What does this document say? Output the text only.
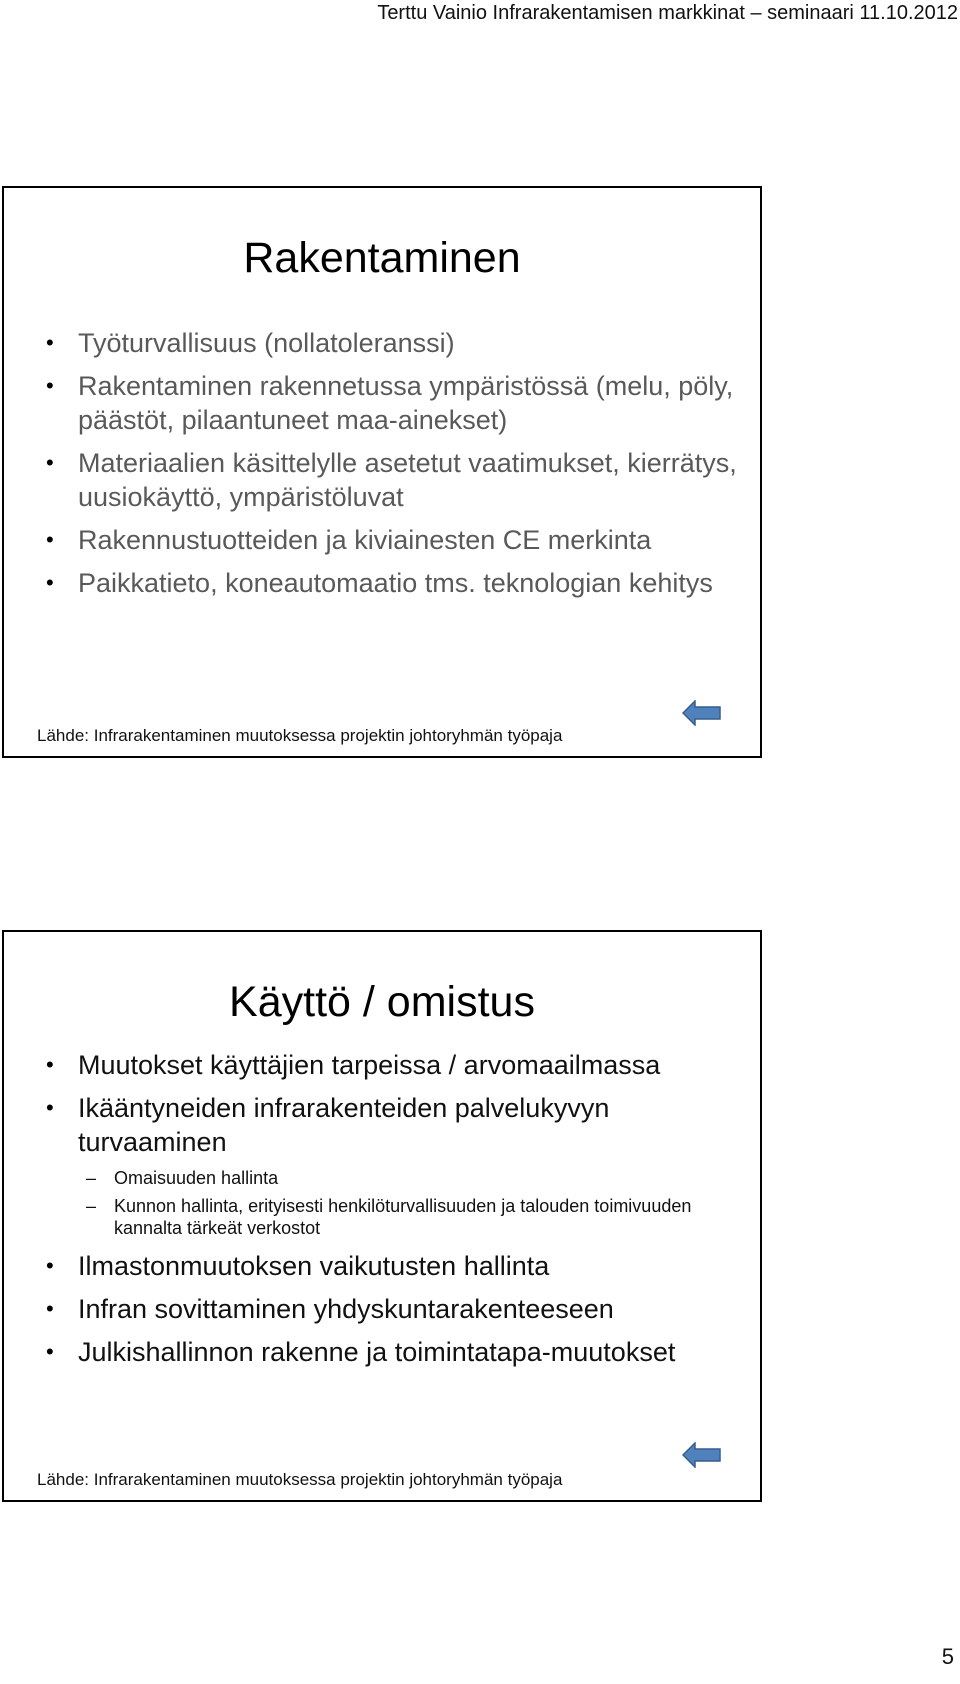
Terttu Vainio Infrarakentamisen markkinat – seminaari 11.10.2012
Rakentaminen
• Työturvallisuus (nollatoleranssi)
• Rakentaminen rakennetussa ympäristössä (melu, pöly, päästöt, pilaantuneet maa-ainekset)
• Materiaalien käsittelylle asetetut vaatimukset, kierrätys, uusiokäyttö, ympäristöluvat
• Rakennustuotteiden ja kiviainesten CE merkinta
• Paikkatieto, koneautomaatio tms. teknologian kehitys
Lähde: Infrarakentaminen muutoksessa projektin johtoryhmän työpaja
Käyttö / omistus
• Muutokset käyttäjien tarpeissa / arvomaailmassa
• Ikääntyneiden infrarakenteiden palvelukyvyn turvaaminen
– Omaisuuden hallinta
– Kunnon hallinta, erityisesti henkilöturvallisuuden ja talouden toimivuuden kannalta tärkeät verkostot
• Ilmastonmuutoksen vaikutusten hallinta
• Infran sovittaminen yhdyskuntarakenteeseen
• Julkishallinnon rakenne ja toimintatapa-muutokset
Lähde: Infrarakentaminen muutoksessa projektin johtoryhmän työpaja
5
